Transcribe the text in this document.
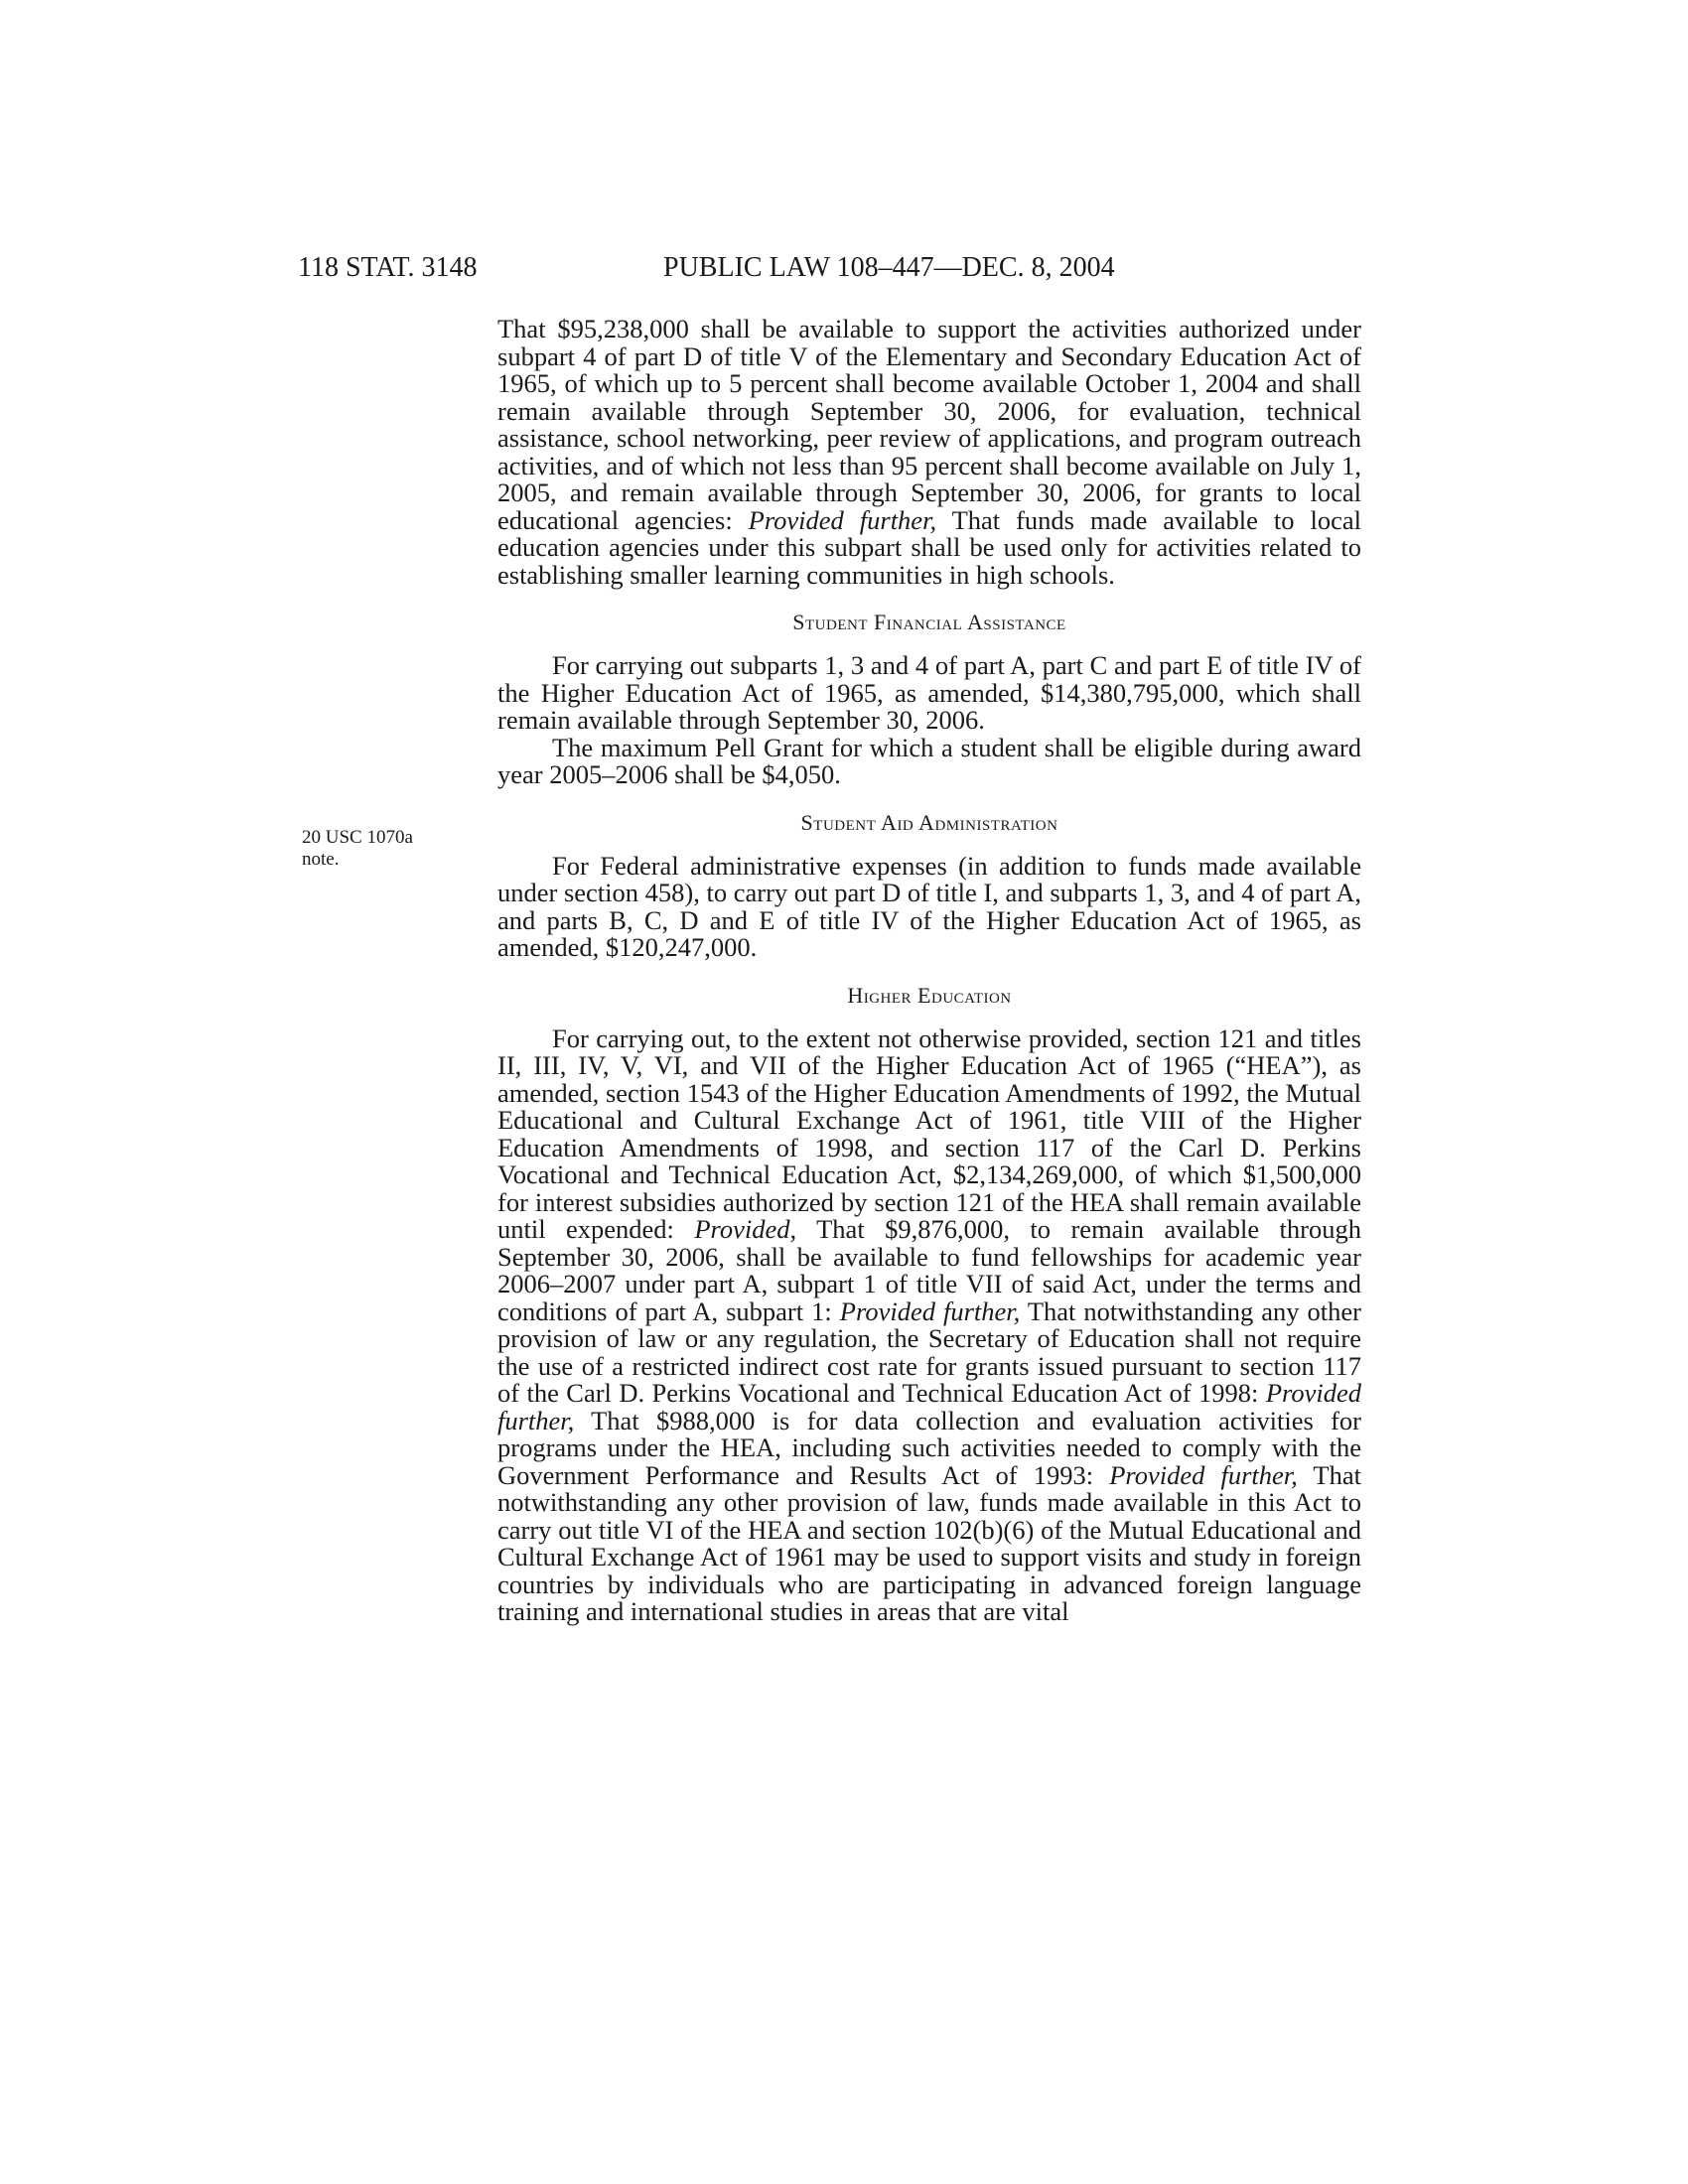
118 STAT. 3148	PUBLIC LAW 108–447—DEC. 8, 2004
20 USC 1070a
note.

That $95,238,000 shall be available to support the activities authorized under subpart 4 of part D of title V of the Elementary and Secondary Education Act of 1965, of which up to 5 percent shall become available October 1, 2004 and shall remain available through September 30, 2006, for evaluation, technical assistance, school networking, peer review of applications, and program outreach activities, and of which not less than 95 percent shall become available on July 1, 2005, and remain available through September 30, 2006, for grants to local educational agencies: Provided further, That funds made available to local education agencies under this subpart shall be used only for activities related to establishing smaller learning communities in high schools.

Student Financial Assistance

For carrying out subparts 1, 3 and 4 of part A, part C and part E of title IV of the Higher Education Act of 1965, as amended, $14,380,795,000, which shall remain available through September 30, 2006.

The maximum Pell Grant for which a student shall be eligible during award year 2005–2006 shall be $4,050.

Student Aid Administration

For Federal administrative expenses (in addition to funds made available under section 458), to carry out part D of title I, and subparts 1, 3, and 4 of part A, and parts B, C, D and E of title IV of the Higher Education Act of 1965, as amended, $120,247,000.

Higher Education

For carrying out, to the extent not otherwise provided, section 121 and titles II, III, IV, V, VI, and VII of the Higher Education Act of 1965 (“HEA”), as amended, section 1543 of the Higher Education Amendments of 1992, the Mutual Educational and Cultural Exchange Act of 1961, title VIII of the Higher Education Amendments of 1998, and section 117 of the Carl D. Perkins Vocational and Technical Education Act, $2,134,269,000, of which $1,500,000 for interest subsidies authorized by section 121 of the HEA shall remain available until expended: Provided, That $9,876,000, to remain available through September 30, 2006, shall be available to fund fellowships for academic year 2006–2007 under part A, subpart 1 of title VII of said Act, under the terms and conditions of part A, subpart 1: Provided further, That notwithstanding any other provision of law or any regulation, the Secretary of Education shall not require the use of a restricted indirect cost rate for grants issued pursuant to section 117 of the Carl D. Perkins Vocational and Technical Education Act of 1998: Provided further, That $988,000 is for data collection and evaluation activities for programs under the HEA, including such activities needed to comply with the Government Performance and Results Act of 1993: Provided further, That notwithstanding any other provision of law, funds made available in this Act to carry out title VI of the HEA and section 102(b)(6) of the Mutual Educational and Cultural Exchange Act of 1961 may be used to support visits and study in foreign countries by individuals who are participating in advanced foreign language training and international studies in areas that are vital
